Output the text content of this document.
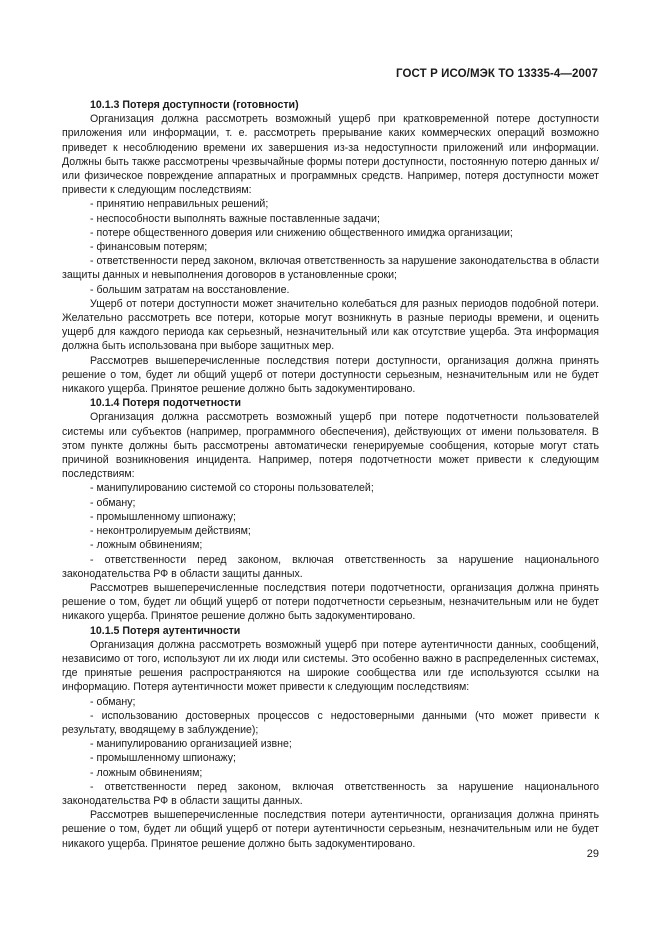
ГОСТ Р ИСО/МЭК ТО 13335-4—2007

10.1.3 Потеря доступности (готовности)

Организация должна рассмотреть возможный ущерб при кратковременной потере доступности приложения или информации, т. е. рассмотреть прерывание каких коммерческих операций возможно приведет к несоблюдению времени их завершения из-за недоступности приложений или информации. Должны быть также рассмотрены чрезвычайные формы потери доступности, постоянную потерю данных и/или физическое повреждение аппаратных и программных средств. Например, потеря доступности может привести к следующим последствиям:

- принятию неправильных решений;

- неспособности выполнять важные поставленные задачи;

- потере общественного доверия или снижению общественного имиджа организации;

- финансовым потерям;

- ответственности перед законом, включая ответственность за нарушение законодательства в области защиты данных и невыполнения договоров в установленные сроки;

- большим затратам на восстановление.

Ущерб от потери доступности может значительно колебаться для разных периодов подобной потери. Желательно рассмотреть все потери, которые могут возникнуть в разные периоды времени, и оценить ущерб для каждого периода как серьезный, незначительный или как отсутствие ущерба. Эта информация должна быть использована при выборе защитных мер.

Рассмотрев вышеперечисленные последствия потери доступности, организация должна принять решение о том, будет ли общий ущерб от потери доступности серьезным, незначительным или не будет никакого ущерба. Принятое решение должно быть задокументировано.

10.1.4 Потеря подотчетности

Организация должна рассмотреть возможный ущерб при потере подотчетности пользователей системы или субъектов (например, программного обеспечения), действующих от имени пользователя. В этом пункте должны быть рассмотрены автоматически генерируемые сообщения, которые могут стать причиной возникновения инцидента. Например, потеря подотчетности может привести к следующим последствиям:

- манипулированию системой со стороны пользователей;

- обману;

- промышленному шпионажу;

- неконтролируемым действиям;

- ложным обвинениям;

- ответственности перед законом, включая ответственность за нарушение национального законодательства РФ в области защиты данных.

Рассмотрев вышеперечисленные последствия потери подотчетности, организация должна принять решение о том, будет ли общий ущерб от потери подотчетности серьезным, незначительным или не будет никакого ущерба. Принятое решение должно быть задокументировано.

10.1.5 Потеря аутентичности

Организация должна рассмотреть возможный ущерб при потере аутентичности данных, сообщений, независимо от того, используют ли их люди или системы. Это особенно важно в распределенных системах, где принятые решения распространяются на широкие сообщества или где используются ссылки на информацию. Потеря аутентичности может привести к следующим последствиям:

- обману;

- использованию достоверных процессов с недостоверными данными (что может привести к результату, вводящему в заблуждение);

- манипулированию организацией извне;

- промышленному шпионажу;

- ложным обвинениям;

- ответственности перед законом, включая ответственность за нарушение национального законодательства РФ в области защиты данных.

Рассмотрев вышеперечисленные последствия потери аутентичности, организация должна принять решение о том, будет ли общий ущерб от потери аутентичности серьезным, незначительным или не будет никакого ущерба. Принятое решение должно быть задокументировано.

29
